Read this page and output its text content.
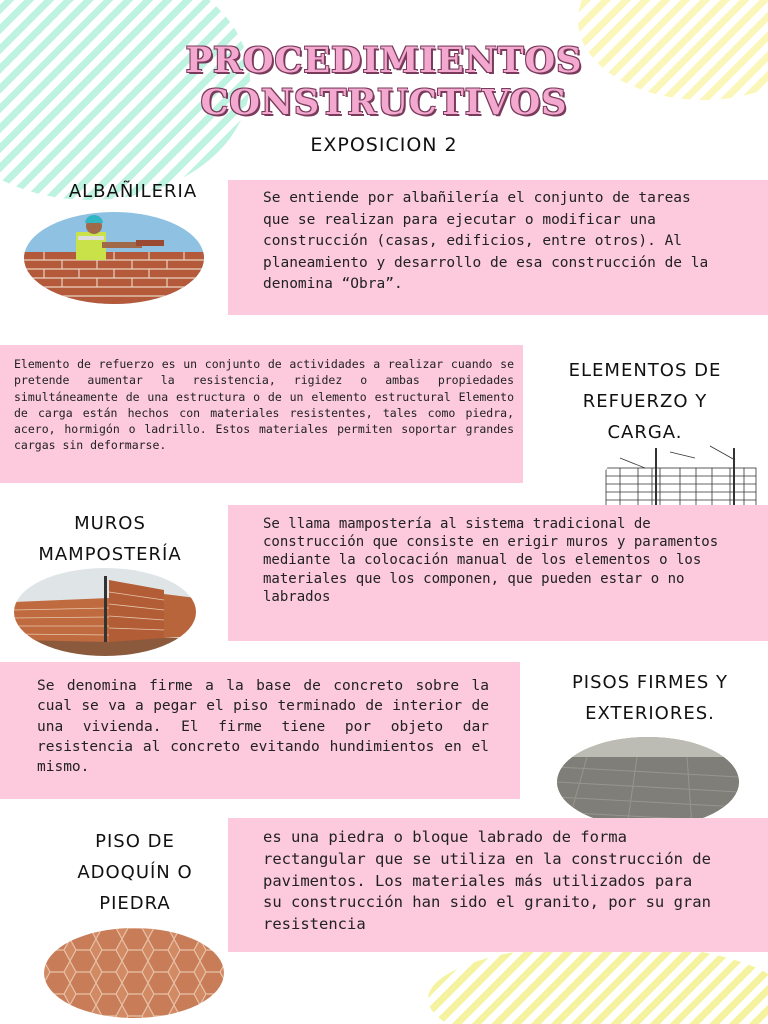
PROCEDIMIENTOS
CONSTRUCTIVOS
EXPOSICION 2
ALBAÑILERIA	Se entiende por albañilería el conjunto de tareas que se realizan para ejecutar o modificar una construcción (casas, edificios, entre otros). Al planeamiento y desarrollo de esa construcción de la denomina “Obra”.
Elemento de refuerzo es un conjunto de actividades a realizar cuando se pretende aumentar la resistencia, rigidez o ambas propiedades simultáneamente de una estructura o de un elemento estructural Elemento de carga están hechos con materiales resistentes, tales como piedra, acero, hormigón o ladrillo. Estos materiales permiten soportar grandes cargas sin deformarse.
ELEMENTOS DE
REFUERZO Y
CARGA.
MUROS
MAMPOSTERÍA
Se llama mampostería al sistema tradicional de construcción que consiste en erigir muros y paramentos mediante la colocación manual de los elementos o los materiales que los componen, que pueden estar o no labrados
Se denomina firme a la base de concreto sobre la cual se va a pegar el piso terminado de interior de una vivienda. El firme tiene por objeto dar resistencia al concreto evitando hundimientos en el mismo.
PISOS FIRMES Y
EXTERIORES.
PISO DE
ADOQUÍN O
PIEDRA
es una piedra o bloque labrado de forma rectangular que se utiliza en la construcción de pavimentos. Los materiales más utilizados para su construcción han sido el granito, por su gran resistencia
